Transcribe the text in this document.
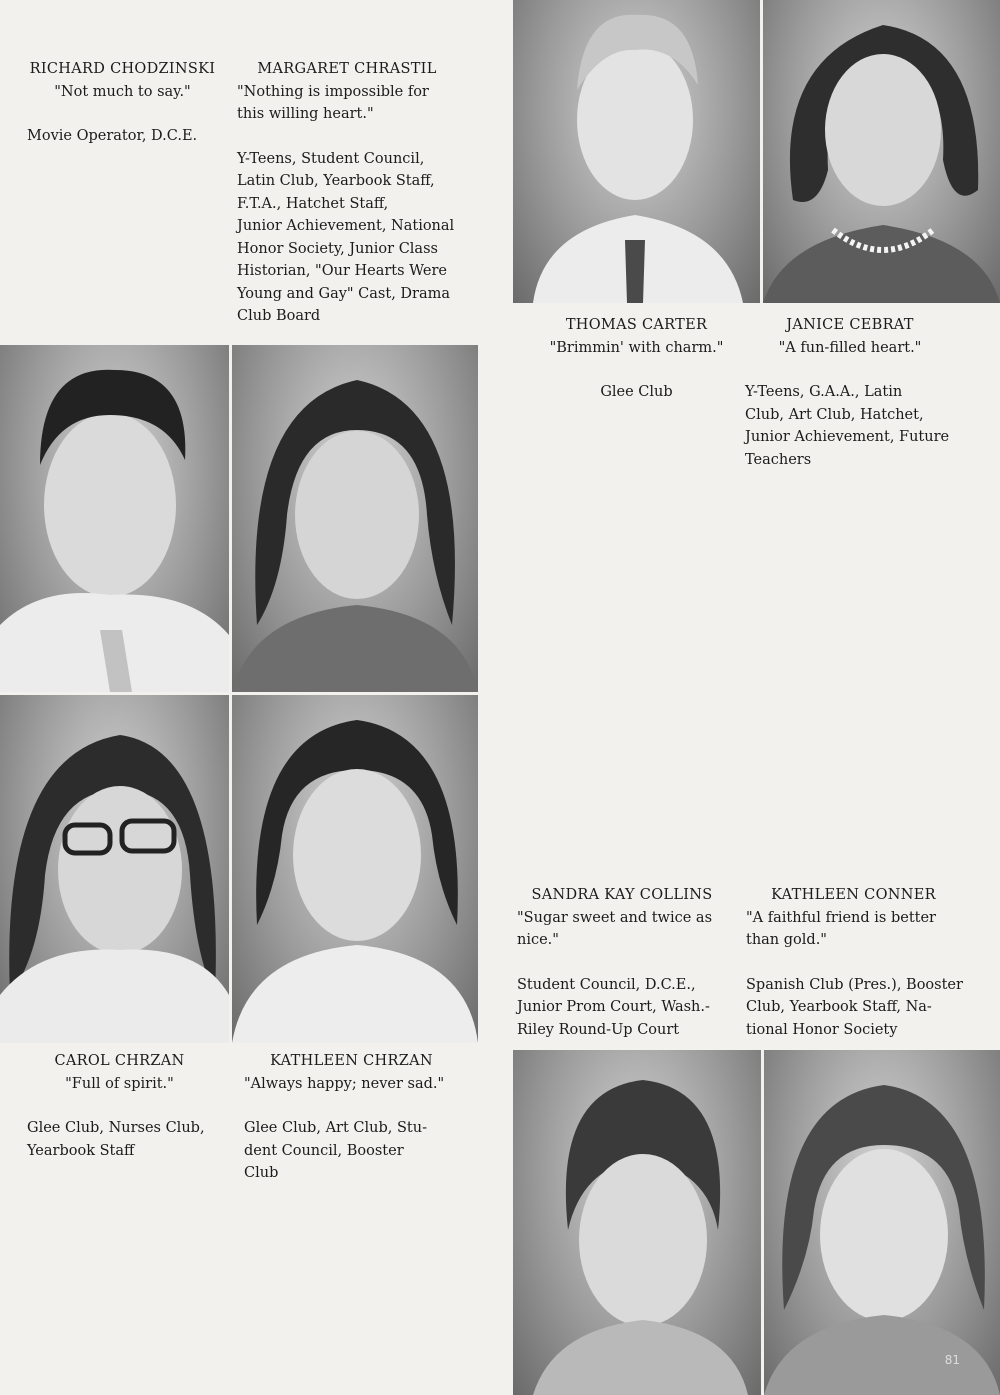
RICHARD CHODZINSKI
"Not much to say."
Movie Operator, D.C.E.
MARGARET CHRASTIL
"Nothing is impossible for
this willing heart."
Y-Teens, Student Council,
Latin Club, Yearbook Staff,
F.T.A., Hatchet Staff,
Junior Achievement, National
Honor Society, Junior Class
Historian, "Our Hearts Were
Young and Gay" Cast, Drama
Club Board
THOMAS CARTER
"Brimmin' with charm."
Glee Club
JANICE CEBRAT
"A fun-filled heart."
Y-Teens, G.A.A., Latin
Club, Art Club, Hatchet,
Junior Achievement, Future
Teachers
SANDRA KAY COLLINS
"Sugar sweet and twice as
nice."
Student Council, D.C.E.,
Junior Prom Court, Wash.-
Riley Round-Up Court
KATHLEEN CONNER
"A faithful friend is better
than gold."
Spanish Club (Pres.), Booster
Club, Yearbook Staff, Na-
tional Honor Society
CAROL CHRZAN
"Full of spirit."
Glee Club, Nurses Club,
Yearbook Staff
KATHLEEN CHRZAN
"Always happy; never sad."
Glee Club, Art Club, Stu-
dent Council, Booster
Club
81
